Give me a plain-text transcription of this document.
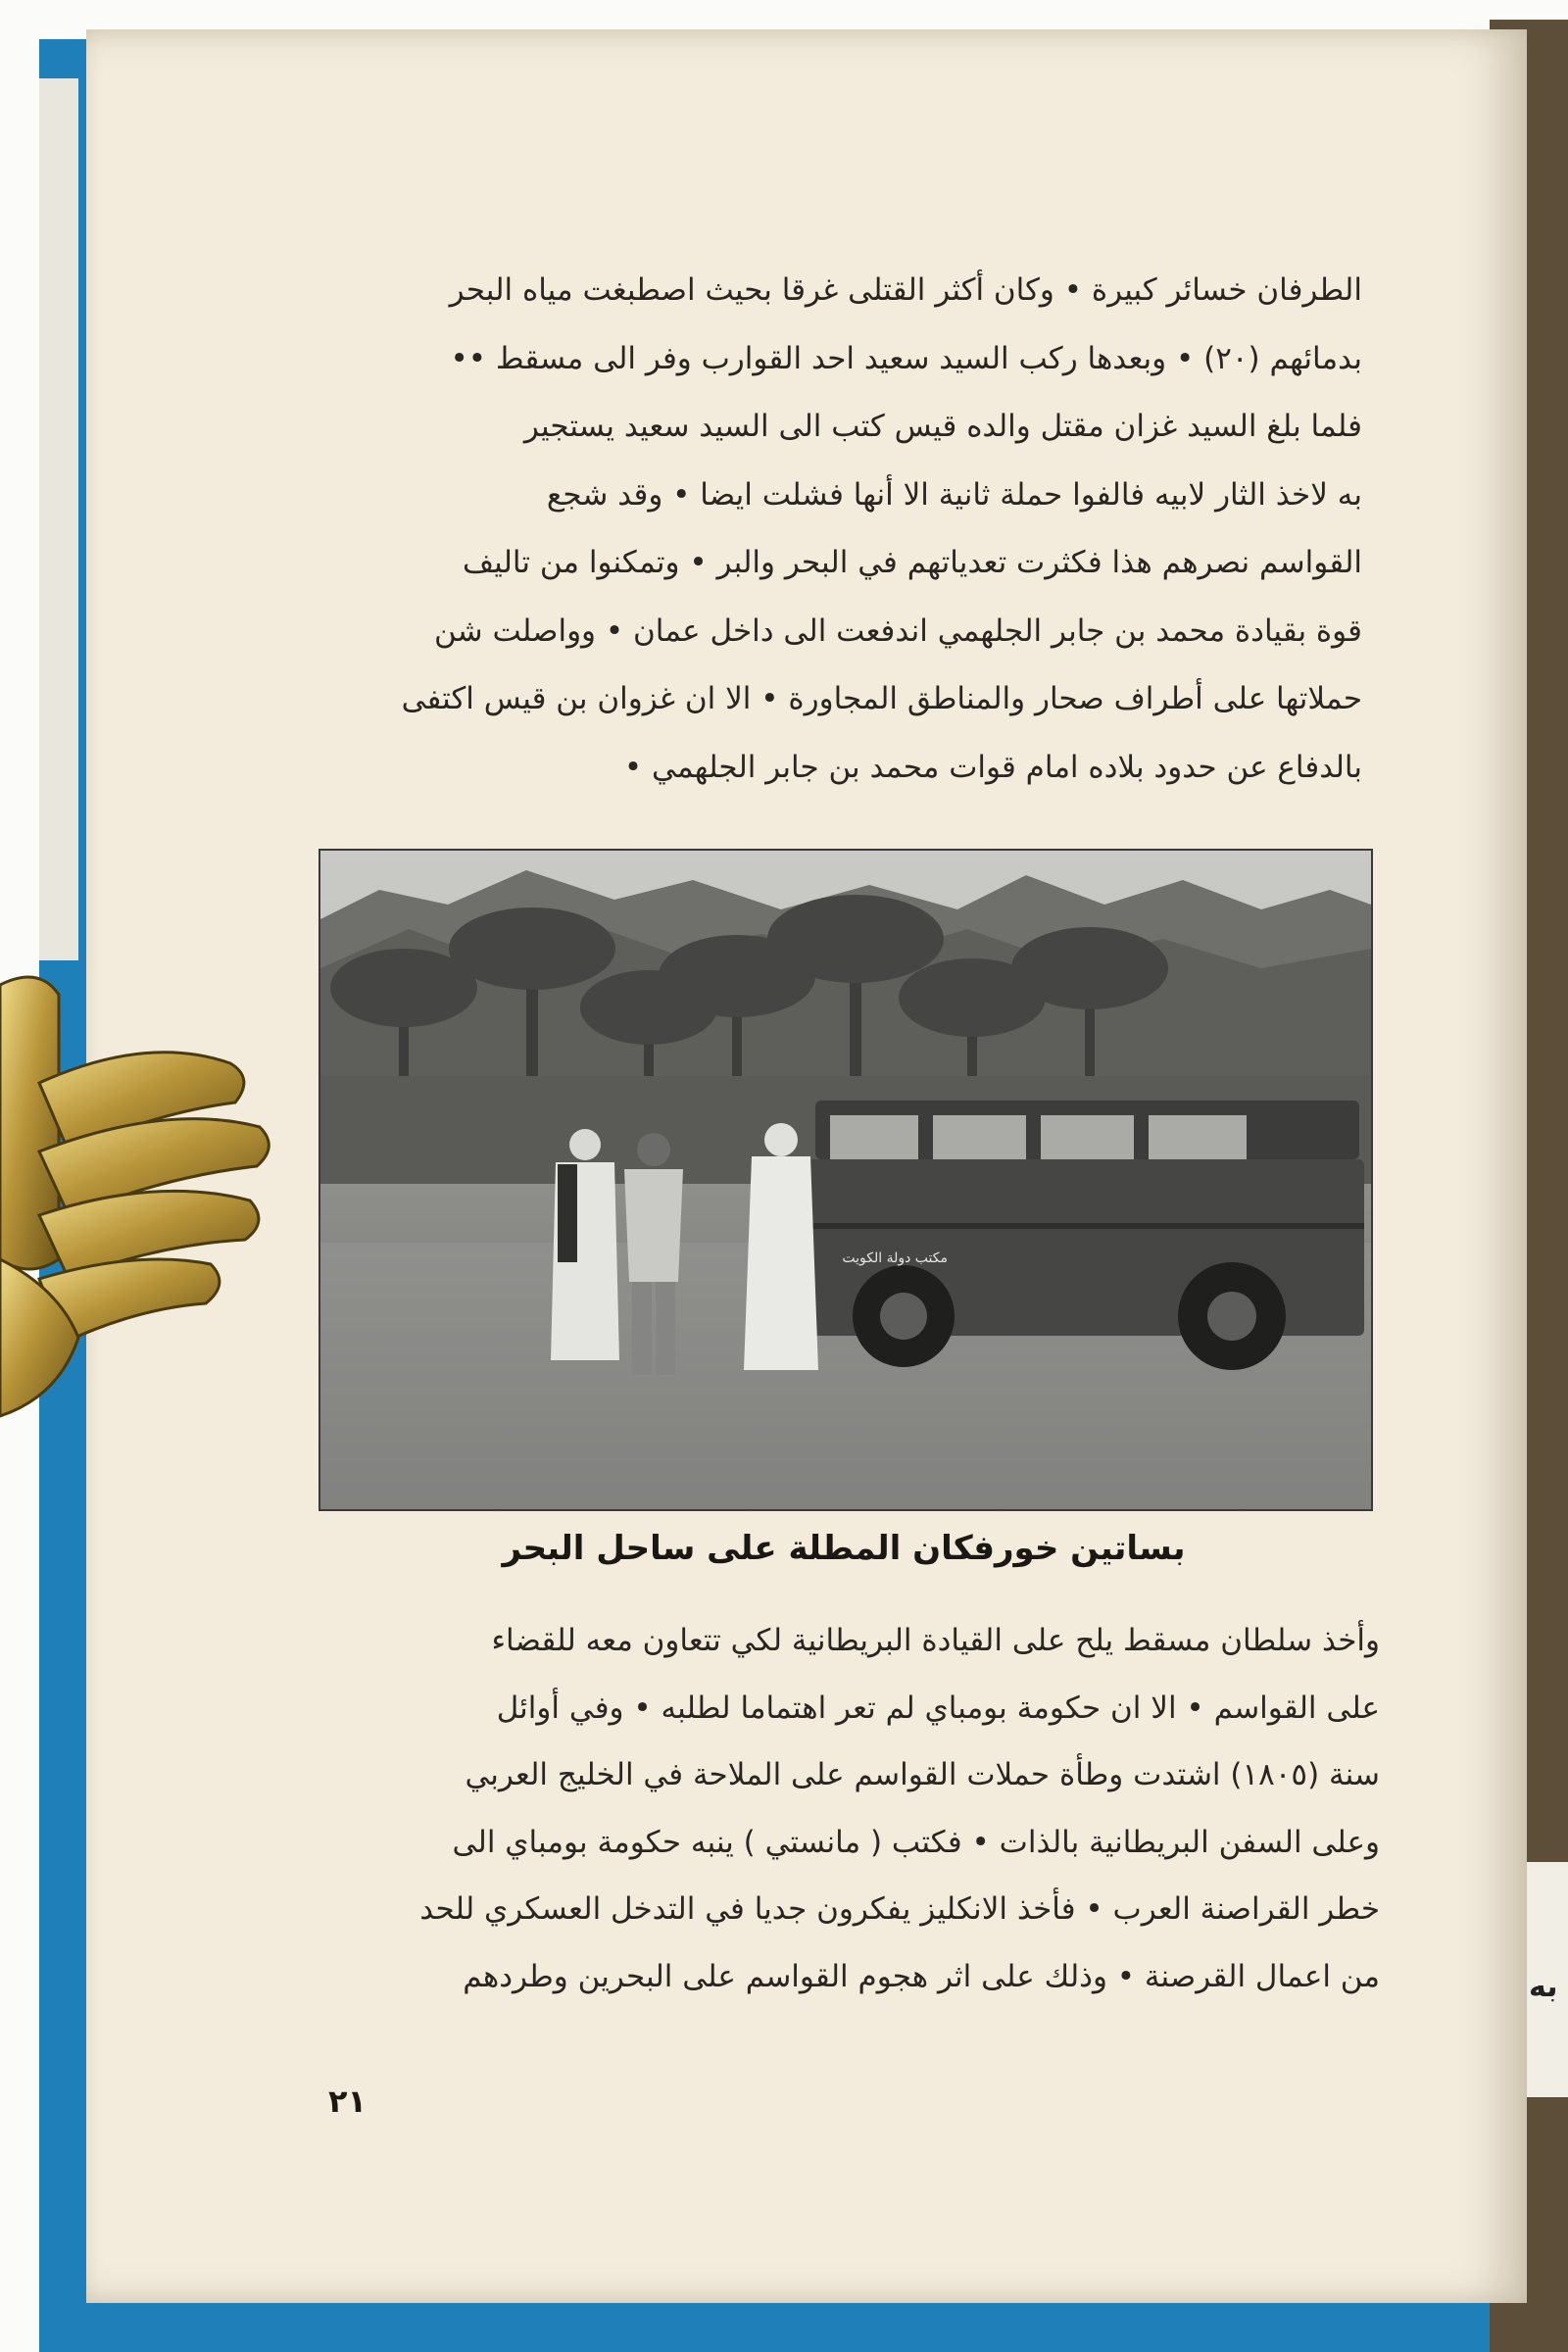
به
الطرفان خسائر كبيرة • وكان أكثر القتلى غرقا بحيث اصطبغت مياه البحر
بدمائهم (٢٠) • وبعدها ركب السيد سعيد احد القوارب وفر الى مسقط ••
فلما بلغ السيد غزان مقتل والده قيس كتب الى السيد سعيد يستجير
به لاخذ الثار لابيه فالفوا حملة ثانية الا أنها فشلت ايضا • وقد شجع
القواسم نصرهم هذا فكثرت تعدياتهم في البحر والبر • وتمكنوا من تاليف
قوة بقيادة محمد بن جابر الجلهمي اندفعت الى داخل عمان • وواصلت شن
حملاتها على أطراف صحار والمناطق المجاورة • الا ان غزوان بن قيس اكتفى
بالدفاع عن حدود بلاده امام قوات محمد بن جابر الجلهمي •
مكتب دولة الكويت
بساتين خورفكان المطلة على ساحل البحر
وأخذ سلطان مسقط يلح على القيادة البريطانية لكي تتعاون معه للقضاء
على القواسم • الا ان حكومة بومباي لم تعر اهتماما لطلبه • وفي أوائل
سنة (١٨٠٥) اشتدت وطأة حملات القواسم على الملاحة في الخليج العربي
وعلى السفن البريطانية بالذات • فكتب ( مانستي ) ينبه حكومة بومباي الى
خطر القراصنة العرب • فأخذ الانكليز يفكرون جديا في التدخل العسكري للحد
من اعمال القرصنة • وذلك على اثر هجوم القواسم على البحرين وطردهم
٢١
